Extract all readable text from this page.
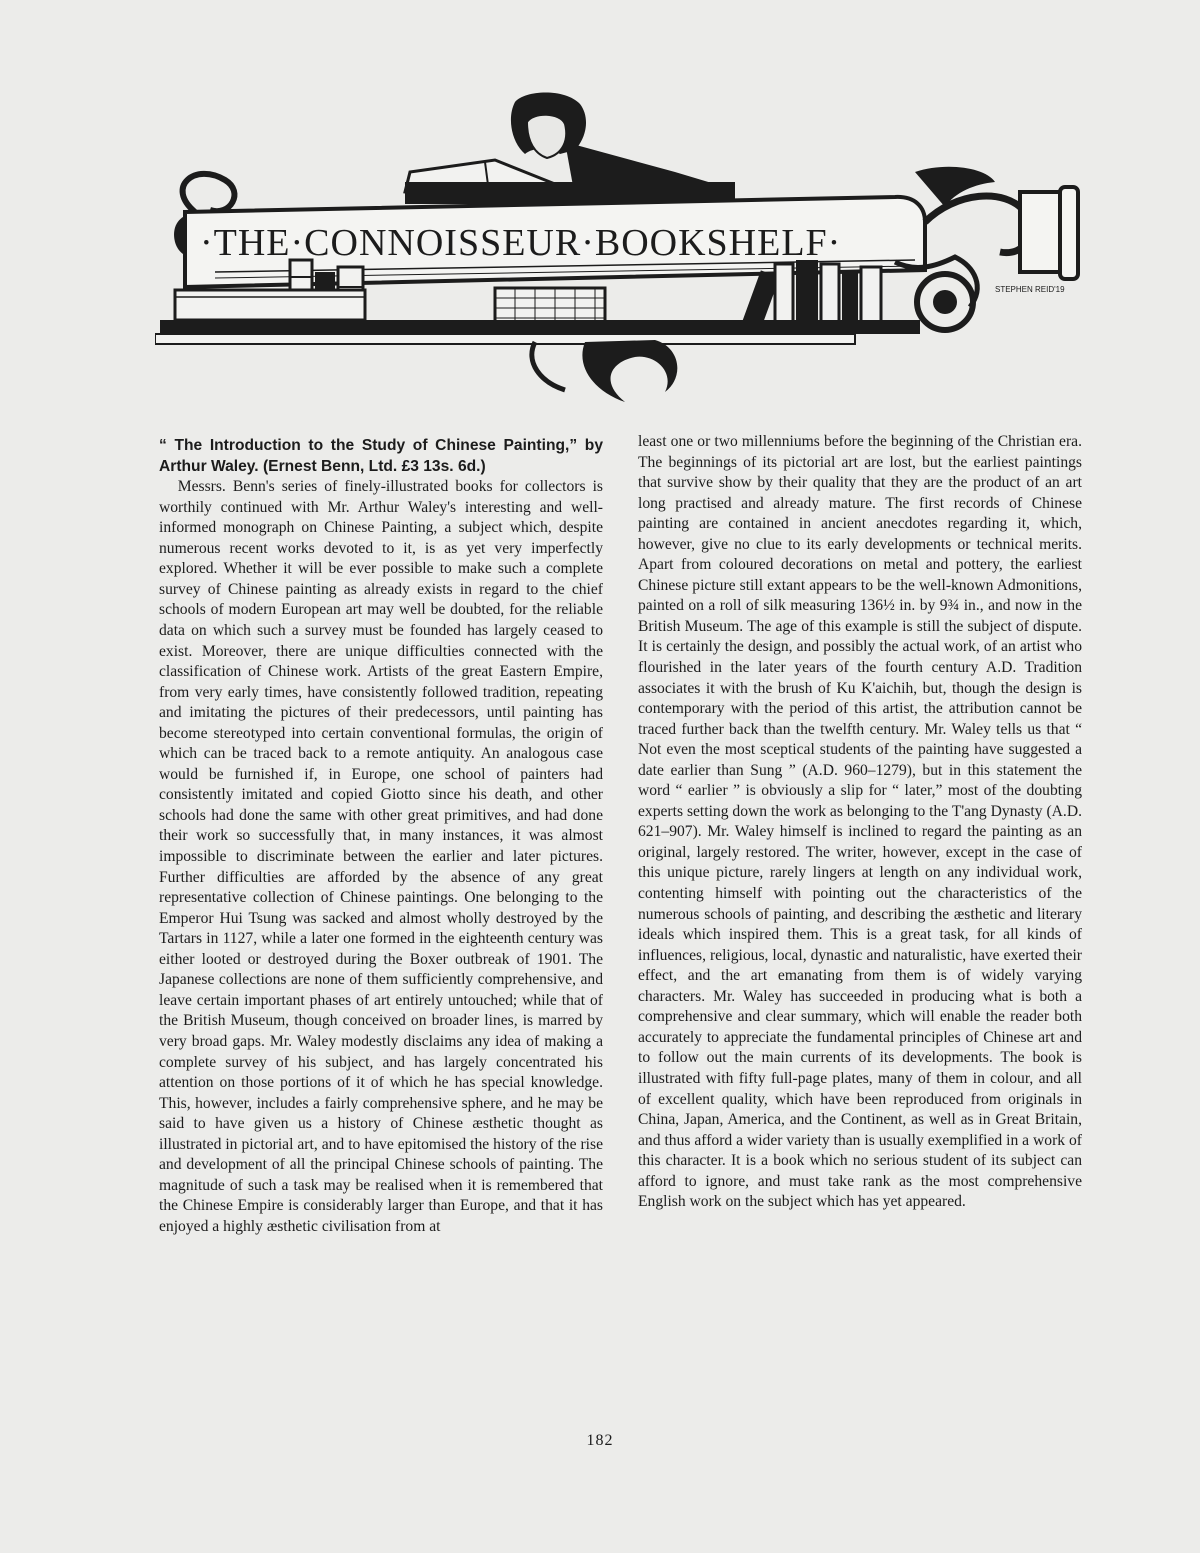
·THE·CONNOISSEUR·BOOKSHELF·
STEPHEN REID'19

“ The Introduction to the Study of Chinese Painting,” by Arthur Waley. (Ernest Benn, Ltd. £3 13s. 6d.)

Messrs. Benn's series of finely-illustrated books for collectors is worthily continued with Mr. Arthur Waley's interesting and well-informed monograph on Chinese Painting, a subject which, despite numerous recent works devoted to it, is as yet very imperfectly explored. Whether it will be ever possible to make such a complete survey of Chinese painting as already exists in regard to the chief schools of modern European art may well be doubted, for the reliable data on which such a survey must be founded has largely ceased to exist. Moreover, there are unique difficulties connected with the classification of Chinese work. Artists of the great Eastern Empire, from very early times, have consistently followed tradition, repeating and imitating the pictures of their predecessors, until painting has become stereotyped into certain conventional formulas, the origin of which can be traced back to a remote antiquity. An analogous case would be furnished if, in Europe, one school of painters had consistently imitated and copied Giotto since his death, and other schools had done the same with other great primitives, and had done their work so successfully that, in many instances, it was almost impossible to discriminate between the earlier and later pictures. Further difficulties are afforded by the absence of any great representative collection of Chinese paintings. One belonging to the Emperor Hui Tsung was sacked and almost wholly destroyed by the Tartars in 1127, while a later one formed in the eighteenth century was either looted or destroyed during the Boxer outbreak of 1901. The Japanese collections are none of them sufficiently comprehensive, and leave certain important phases of art entirely untouched; while that of the British Museum, though conceived on broader lines, is marred by very broad gaps. Mr. Waley modestly disclaims any idea of making a complete survey of his subject, and has largely concentrated his attention on those portions of it of which he has special knowledge. This, however, includes a fairly comprehensive sphere, and he may be said to have given us a history of Chinese æsthetic thought as illustrated in pictorial art, and to have epitomised the history of the rise and development of all the principal Chinese schools of painting. The magnitude of such a task may be realised when it is remembered that the Chinese Empire is considerably larger than Europe, and that it has enjoyed a highly æsthetic civilisation from at

least one or two millenniums before the beginning of the Christian era. The beginnings of its pictorial art are lost, but the earliest paintings that survive show by their quality that they are the product of an art long practised and already mature. The first records of Chinese painting are contained in ancient anecdotes regarding it, which, however, give no clue to its early developments or technical merits. Apart from coloured decorations on metal and pottery, the earliest Chinese picture still extant appears to be the well-known Admonitions, painted on a roll of silk measuring 136½ in. by 9¾ in., and now in the British Museum. The age of this example is still the subject of dispute. It is certainly the design, and possibly the actual work, of an artist who flourished in the later years of the fourth century A.D. Tradition associates it with the brush of Ku K'aichih, but, though the design is contemporary with the period of this artist, the attribution cannot be traced further back than the twelfth century. Mr. Waley tells us that “ Not even the most sceptical students of the painting have suggested a date earlier than Sung ” (A.D. 960–1279), but in this statement the word “ earlier ” is obviously a slip for “ later,” most of the doubting experts setting down the work as belonging to the T'ang Dynasty (A.D. 621–907). Mr. Waley himself is inclined to regard the painting as an original, largely restored. The writer, however, except in the case of this unique picture, rarely lingers at length on any individual work, contenting himself with pointing out the characteristics of the numerous schools of painting, and describing the æsthetic and literary ideals which inspired them. This is a great task, for all kinds of influences, religious, local, dynastic and naturalistic, have exerted their effect, and the art emanating from them is of widely varying characters. Mr. Waley has succeeded in producing what is both a comprehensive and clear summary, which will enable the reader both accurately to appreciate the fundamental principles of Chinese art and to follow out the main currents of its developments. The book is illustrated with fifty full-page plates, many of them in colour, and all of excellent quality, which have been reproduced from originals in China, Japan, America, and the Continent, as well as in Great Britain, and thus afford a wider variety than is usually exemplified in a work of this character. It is a book which no serious student of its subject can afford to ignore, and must take rank as the most comprehensive English work on the subject which has yet appeared.

182
